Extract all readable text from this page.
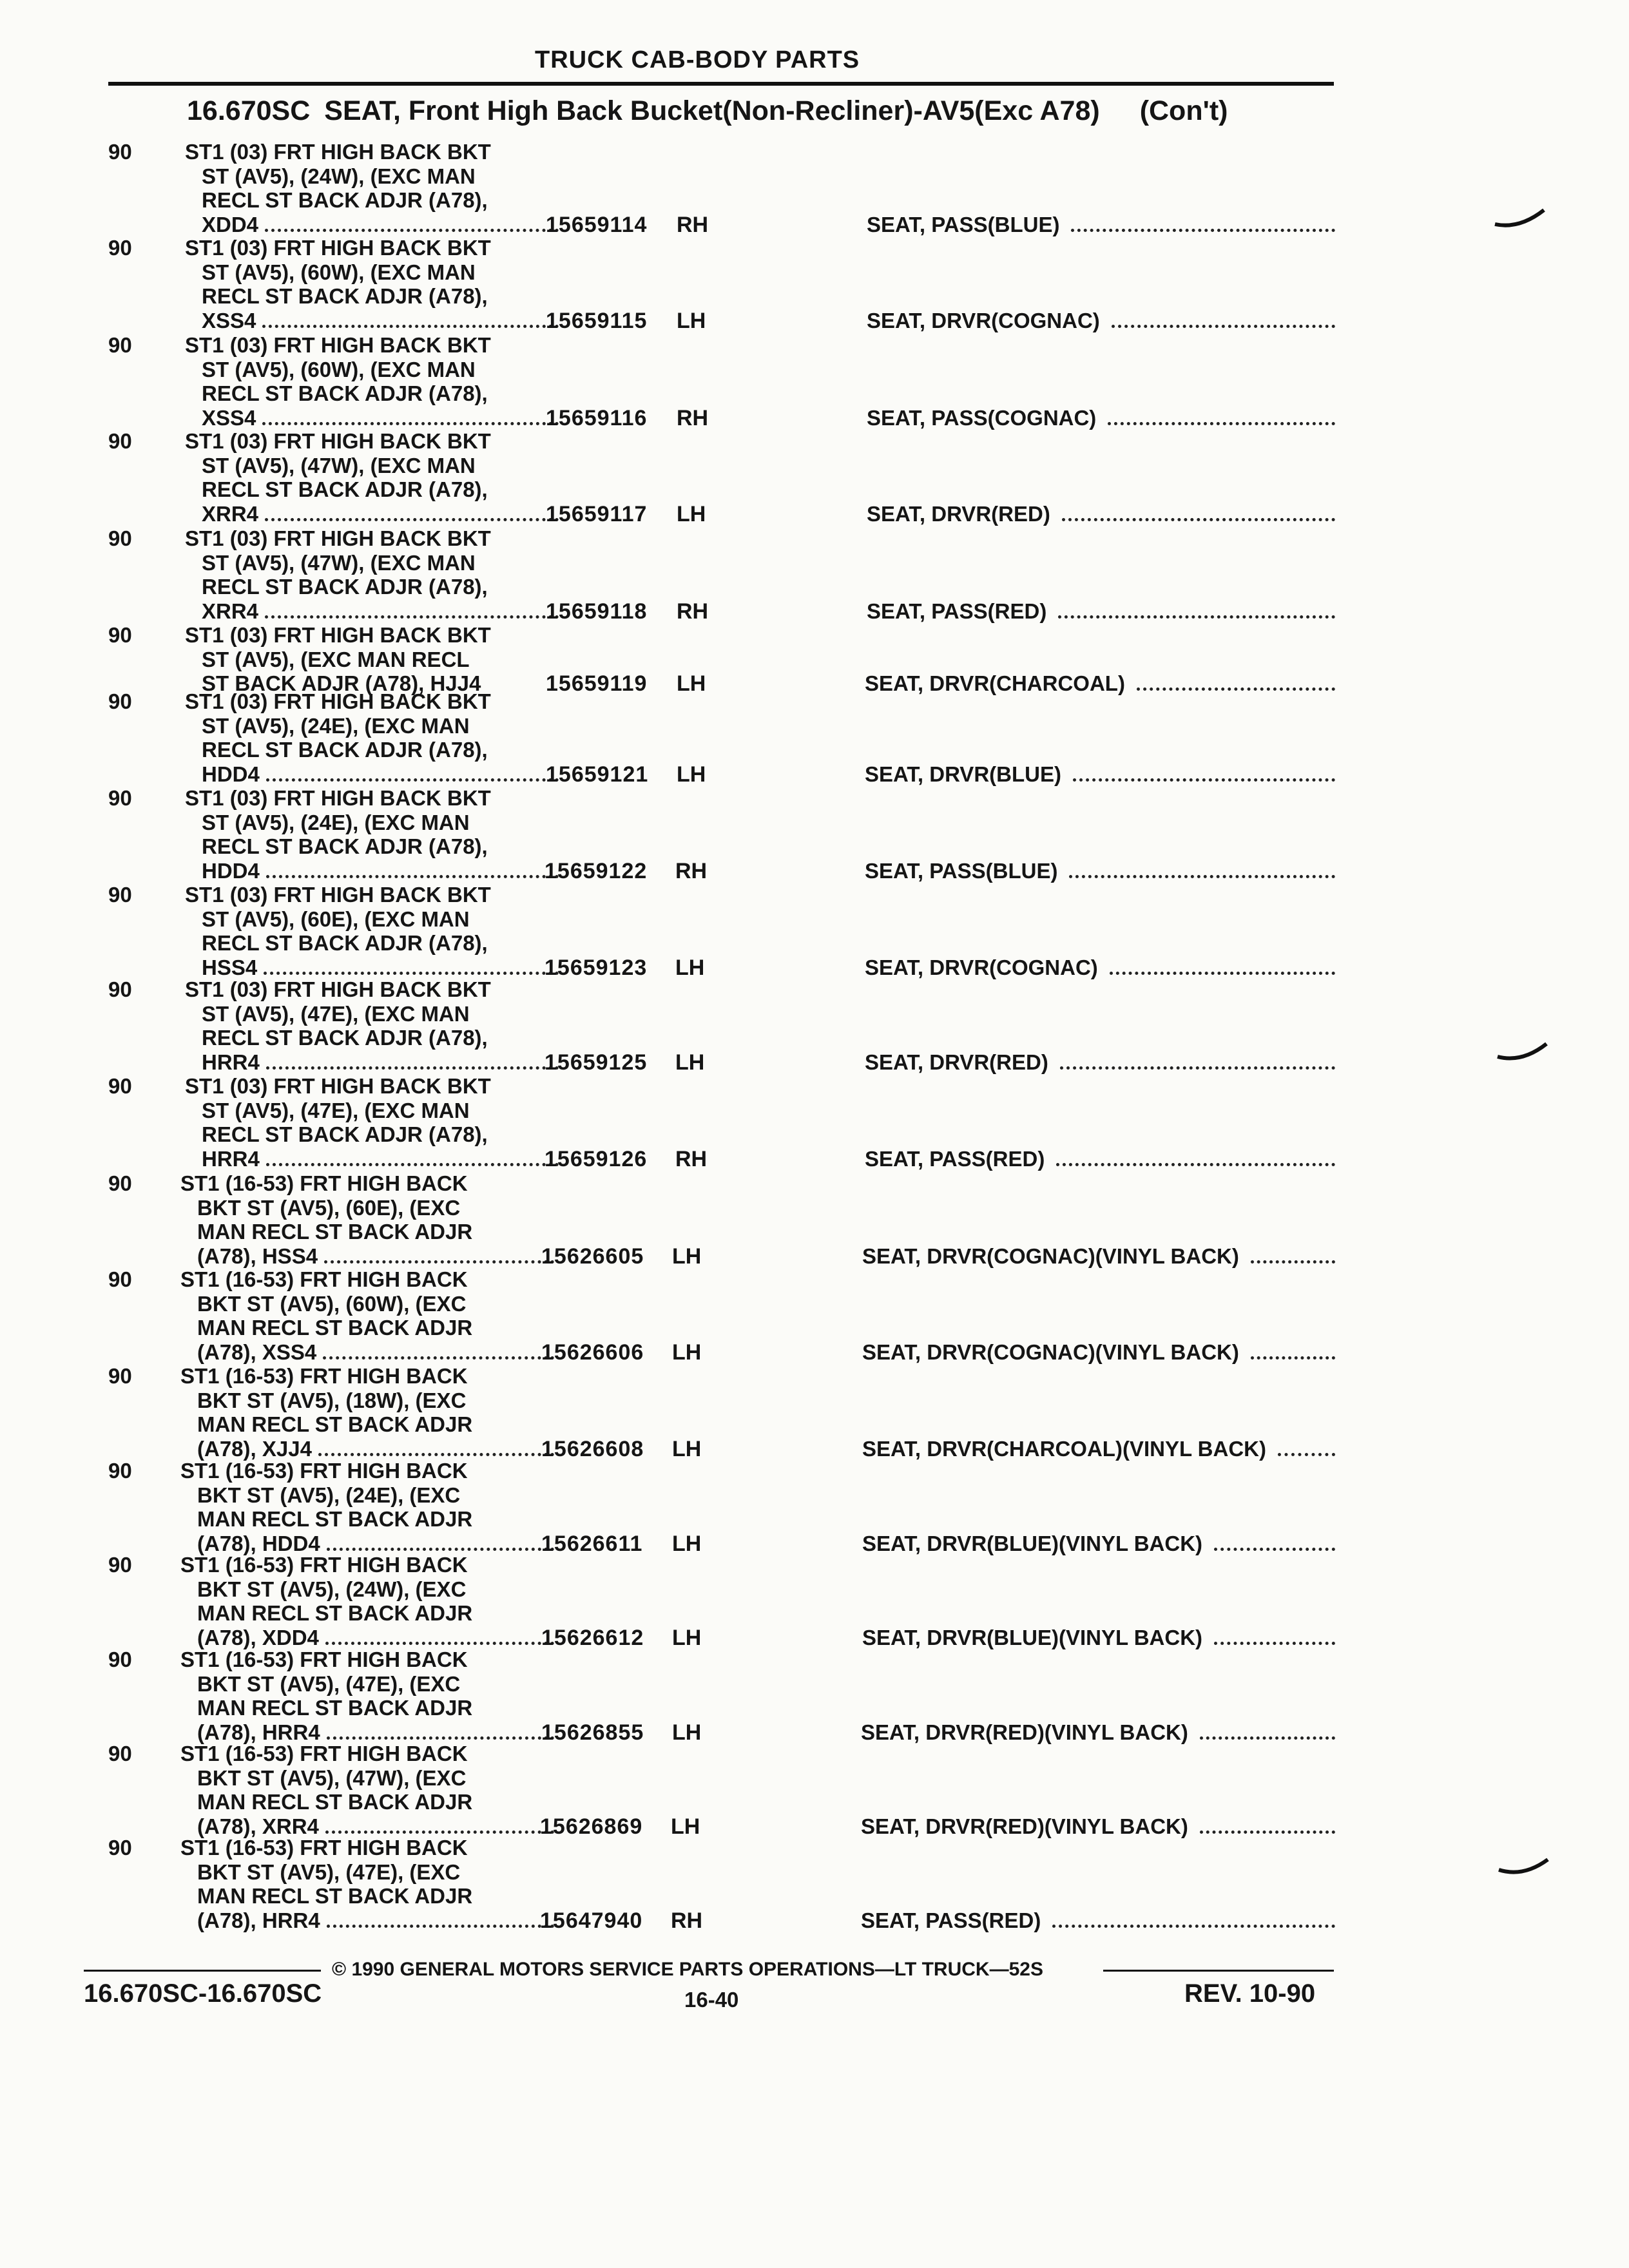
TRUCK CAB-BODY PARTS
16.670SC SEAT, Front High Back Bucket(Non-Recliner)-AV5(Exc A78) (Con't)
90 ST1 (03) FRT HIGH BACK BKT
ST (AV5), (24W), (EXC MAN
RECL ST BACK ADJR (A78),
XDD4	15659114 RH	SEAT, PASS(BLUE)
90 ST1 (03) FRT HIGH BACK BKT
ST (AV5), (60W), (EXC MAN
RECL ST BACK ADJR (A78),
XSS4	15659115 LH	SEAT, DRVR(COGNAC)
90 ST1 (03) FRT HIGH BACK BKT
ST (AV5), (60W), (EXC MAN
RECL ST BACK ADJR (A78),
XSS4	15659116 RH	SEAT, PASS(COGNAC)
90 ST1 (03) FRT HIGH BACK BKT
ST (AV5), (47W), (EXC MAN
RECL ST BACK ADJR (A78),
XRR4	15659117 LH	SEAT, DRVR(RED)
90 ST1 (03) FRT HIGH BACK BKT
ST (AV5), (47W), (EXC MAN
RECL ST BACK ADJR (A78),
XRR4	15659118 RH	SEAT, PASS(RED)
90 ST1 (03) FRT HIGH BACK BKT
ST (AV5), (EXC MAN RECL
ST BACK ADJR (A78), HJJ4	15659119 LH	SEAT, DRVR(CHARCOAL)
90 ST1 (03) FRT HIGH BACK BKT
ST (AV5), (24E), (EXC MAN
RECL ST BACK ADJR (A78),
HDD4	15659121 LH	SEAT, DRVR(BLUE)
90 ST1 (03) FRT HIGH BACK BKT
ST (AV5), (24E), (EXC MAN
RECL ST BACK ADJR (A78),
HDD4	15659122 RH	SEAT, PASS(BLUE)
90 ST1 (03) FRT HIGH BACK BKT
ST (AV5), (60E), (EXC MAN
RECL ST BACK ADJR (A78),
HSS4	15659123 LH	SEAT, DRVR(COGNAC)
90 ST1 (03) FRT HIGH BACK BKT
ST (AV5), (47E), (EXC MAN
RECL ST BACK ADJR (A78),
HRR4	15659125 LH	SEAT, DRVR(RED)
90 ST1 (03) FRT HIGH BACK BKT
ST (AV5), (47E), (EXC MAN
RECL ST BACK ADJR (A78),
HRR4	15659126 RH	SEAT, PASS(RED)
90 ST1 (16-53) FRT HIGH BACK
BKT ST (AV5), (60E), (EXC
MAN RECL ST BACK ADJR
(A78), HSS4	15626605 LH	SEAT, DRVR(COGNAC)(VINYL BACK)
90 ST1 (16-53) FRT HIGH BACK
BKT ST (AV5), (60W), (EXC
MAN RECL ST BACK ADJR
(A78), XSS4	15626606 LH	SEAT, DRVR(COGNAC)(VINYL BACK)
90 ST1 (16-53) FRT HIGH BACK
BKT ST (AV5), (18W), (EXC
MAN RECL ST BACK ADJR
(A78), XJJ4	15626608 LH	SEAT, DRVR(CHARCOAL)(VINYL BACK)
90 ST1 (16-53) FRT HIGH BACK
BKT ST (AV5), (24E), (EXC
MAN RECL ST BACK ADJR
(A78), HDD4	15626611 LH	SEAT, DRVR(BLUE)(VINYL BACK)
90 ST1 (16-53) FRT HIGH BACK
BKT ST (AV5), (24W), (EXC
MAN RECL ST BACK ADJR
(A78), XDD4	15626612 LH	SEAT, DRVR(BLUE)(VINYL BACK)
90 ST1 (16-53) FRT HIGH BACK
BKT ST (AV5), (47E), (EXC
MAN RECL ST BACK ADJR
(A78), HRR4	15626855 LH	SEAT, DRVR(RED)(VINYL BACK)
90 ST1 (16-53) FRT HIGH BACK
BKT ST (AV5), (47W), (EXC
MAN RECL ST BACK ADJR
(A78), XRR4	15626869 LH	SEAT, DRVR(RED)(VINYL BACK)
90 ST1 (16-53) FRT HIGH BACK
BKT ST (AV5), (47E), (EXC
MAN RECL ST BACK ADJR
(A78), HRR4	15647940 RH	SEAT, PASS(RED)
© 1990 GENERAL MOTORS SERVICE PARTS OPERATIONS—LT TRUCK—52S
16.670SC-16.670SC	16-40	REV. 10-90
